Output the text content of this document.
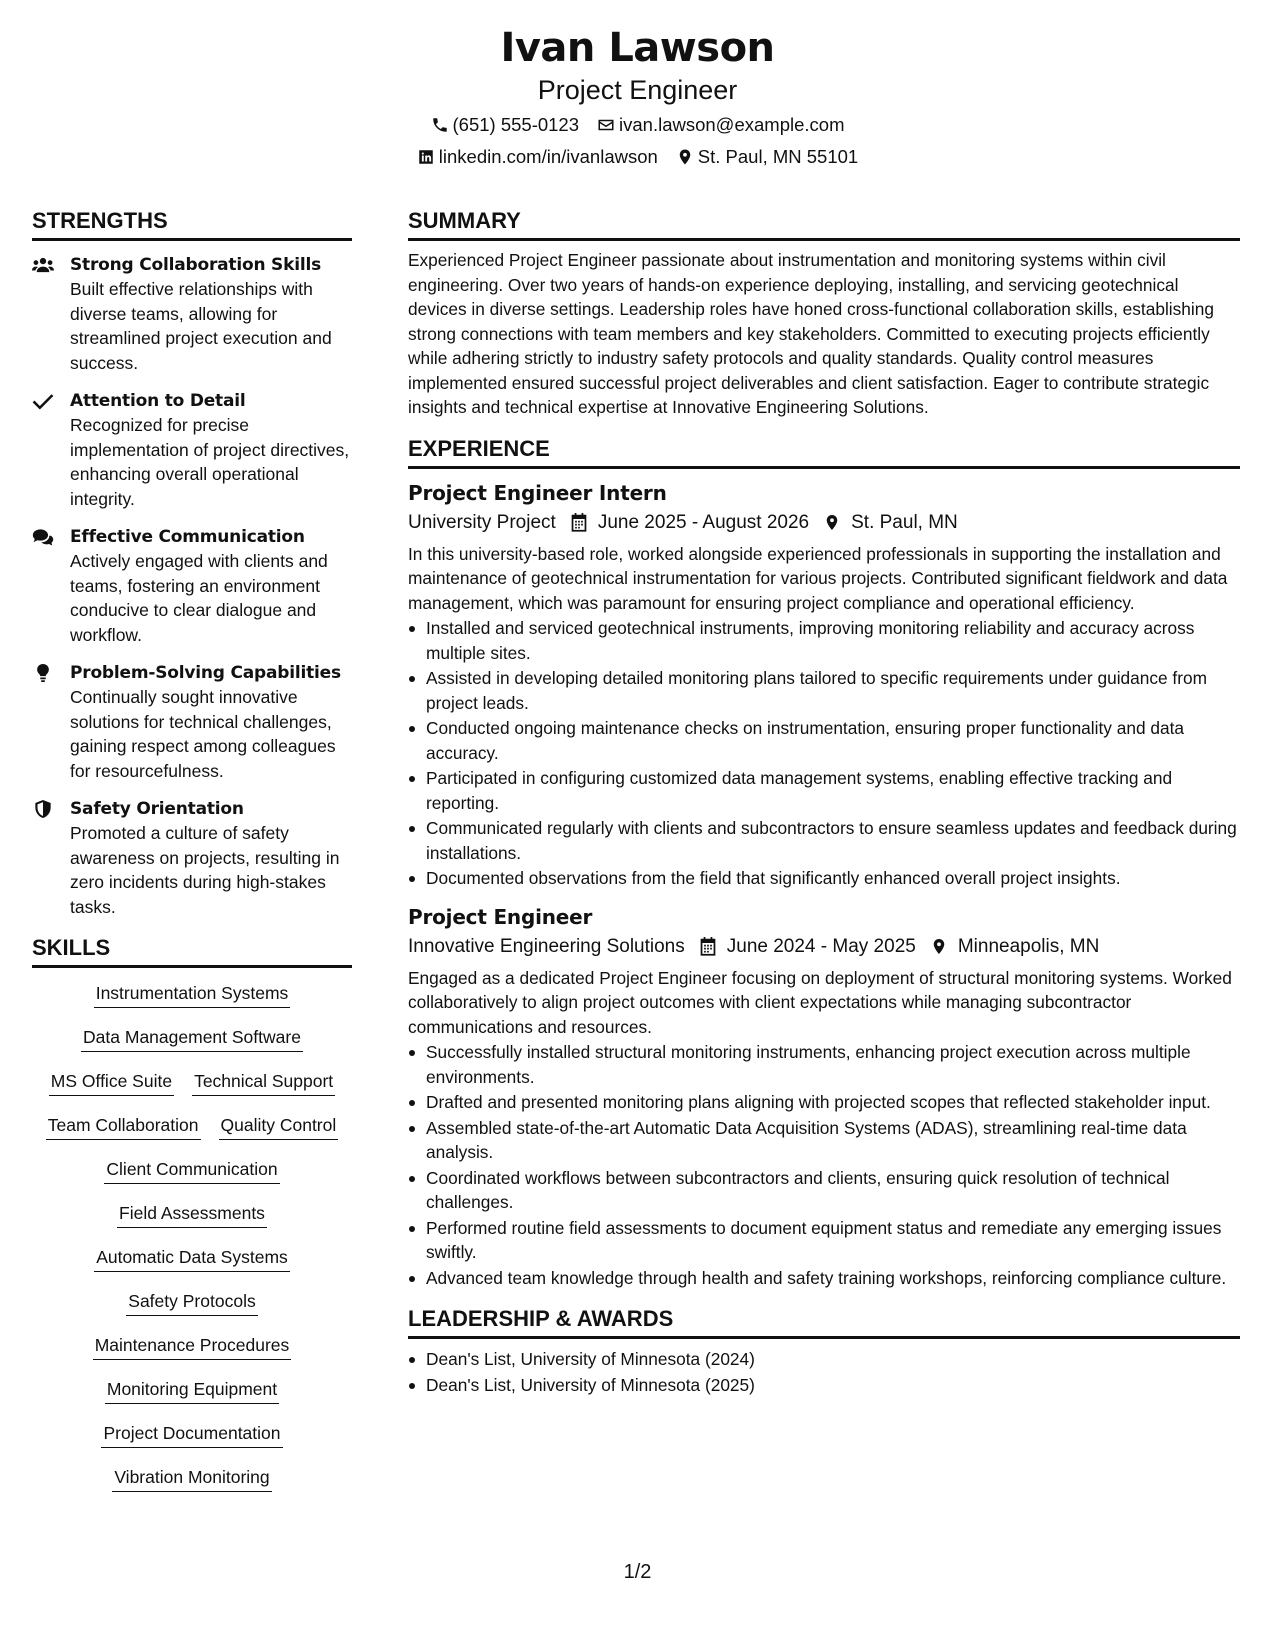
Ivan Lawson
Project Engineer
(651) 555-0123 ivan.lawson@example.com
linkedin.com/in/ivanlawson St. Paul, MN 55101
STRENGTHS
Strong Collaboration Skills
Built effective relationships with diverse teams, allowing for streamlined project execution and success.
Attention to Detail
Recognized for precise implementation of project directives, enhancing overall operational integrity.
Effective Communication
Actively engaged with clients and teams, fostering an environment conducive to clear dialogue and workflow.
Problem-Solving Capabilities
Continually sought innovative solutions for technical challenges, gaining respect among colleagues for resourcefulness.
Safety Orientation
Promoted a culture of safety awareness on projects, resulting in zero incidents during high-stakes tasks.
SKILLS
Instrumentation Systems
Data Management Software
MS Office Suite Technical Support
Team Collaboration Quality Control
Client Communication
Field Assessments
Automatic Data Systems
Safety Protocols
Maintenance Procedures
Monitoring Equipment
Project Documentation
Vibration Monitoring
SUMMARY

Experienced Project Engineer passionate about instrumentation and monitoring systems within civil engineering. Over two years of hands-on experience deploying, installing, and servicing geotechnical devices in diverse settings. Leadership roles have honed cross-functional collaboration skills, establishing strong connections with team members and key stakeholders. Committed to executing projects efficiently while adhering strictly to industry safety protocols and quality standards. Quality control measures implemented ensured successful project deliverables and client satisfaction. Eager to contribute strategic insights and technical expertise at Innovative Engineering Solutions.

EXPERIENCE
Project Engineer Intern
University Project June 2025 - August 2026 St. Paul, MN

In this university-based role, worked alongside experienced professionals in supporting the installation and maintenance of geotechnical instrumentation for various projects. Contributed significant fieldwork and data management, which was paramount for ensuring project compliance and operational efficiency.

Installed and serviced geotechnical instruments, improving monitoring reliability and accuracy across multiple sites.
Assisted in developing detailed monitoring plans tailored to specific requirements under guidance from project leads.
Conducted ongoing maintenance checks on instrumentation, ensuring proper functionality and data accuracy.
Participated in configuring customized data management systems, enabling effective tracking and reporting.
Communicated regularly with clients and subcontractors to ensure seamless updates and feedback during installations.
Documented observations from the field that significantly enhanced overall project insights.
Project Engineer
Innovative Engineering Solutions June 2024 - May 2025 Minneapolis, MN

Engaged as a dedicated Project Engineer focusing on deployment of structural monitoring systems. Worked collaboratively to align project outcomes with client expectations while managing subcontractor communications and resources.

Successfully installed structural monitoring instruments, enhancing project execution across multiple environments.
Drafted and presented monitoring plans aligning with projected scopes that reflected stakeholder input.
Assembled state-of-the-art Automatic Data Acquisition Systems (ADAS), streamlining real-time data analysis.
Coordinated workflows between subcontractors and clients, ensuring quick resolution of technical challenges.
Performed routine field assessments to document equipment status and remediate any emerging issues swiftly.
Advanced team knowledge through health and safety training workshops, reinforcing compliance culture.
LEADERSHIP & AWARDS
Dean's List, University of Minnesota (2024)
Dean's List, University of Minnesota (2025)
1/2
